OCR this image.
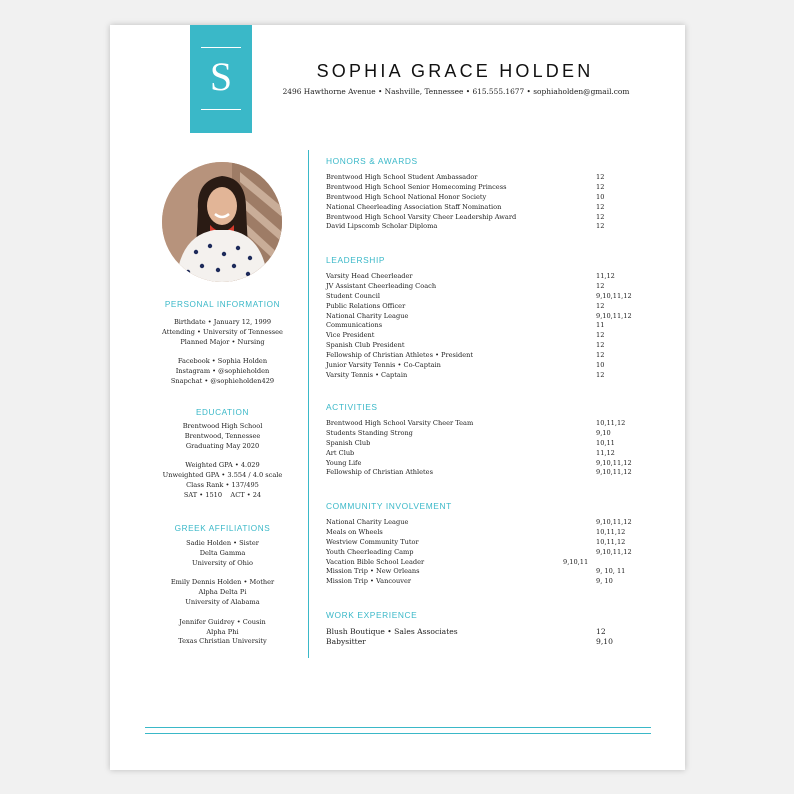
S	SOPHIA GRACE HOLDEN
2496 Hawthorne Avenue • Nashville, Tennessee • 615.555.1677 • sophiaholden@gmail.com
PERSONAL INFORMATION
Birthdate • January 12, 1999
Attending • University of Tennessee
Planned Major • Nursing
Facebook • Sophia Holden
Instagram • @sophieholden
Snapchat • @sophieholden429
EDUCATION
Brentwood High School
Brentwood, Tennessee
Graduating May 2020
Weighted GPA • 4.029
Unweighted GPA • 3.554 / 4.0 scale
Class Rank • 137/495
SAT • 1510    ACT • 24
GREEK AFFILIATIONS
Sadie Holden • Sister
Delta Gamma
University of Ohio
Emily Dennis Holden • Mother
Alpha Delta Pi
University of Alabama
Jennifer Guidrey • Cousin
Alpha Phi
Texas Christian University
HONORS & AWARDS
Brentwood High School Student Ambassador	12
Brentwood High School Senior Homecoming Princess	12
Brentwood High School National Honor Society	10
National Cheerleading Association Staff Nomination	12
Brentwood High School Varsity Cheer Leadership Award	12
David Lipscomb Scholar Diploma	12
LEADERSHIP
Varsity Head Cheerleader	11,12
JV Assistant Cheerleading Coach	12
Student Council	9,10,11,12
Public Relations Officer	12
National Charity League	9,10,11,12
Communications	11
Vice President	12
Spanish Club President	12
Fellowship of Christian Athletes • President	12
Junior Varsity Tennis • Co-Captain	10
Varsity Tennis • Captain	12
ACTIVITIES
Brentwood High School Varsity Cheer Team	10,11,12
Students Standing Strong	9,10
Spanish Club	10,11
Art Club	11,12
Young Life	9,10,11,12
Fellowship of Christian Athletes	9,10,11,12
COMMUNITY INVOLVEMENT
National Charity League	9,10,11,12
Meals on Wheels	10,11,12
Westview Community Tutor	10,11,12
Youth Cheerleading Camp	9,10,11,12
Vacation Bible School Leader	9,10,11
Mission Trip • New Orleans	9, 10, 11
Mission Trip • Vancouver	9, 10
WORK EXPERIENCE
Blush Boutique • Sales Associates	12
Babysitter	9,10
